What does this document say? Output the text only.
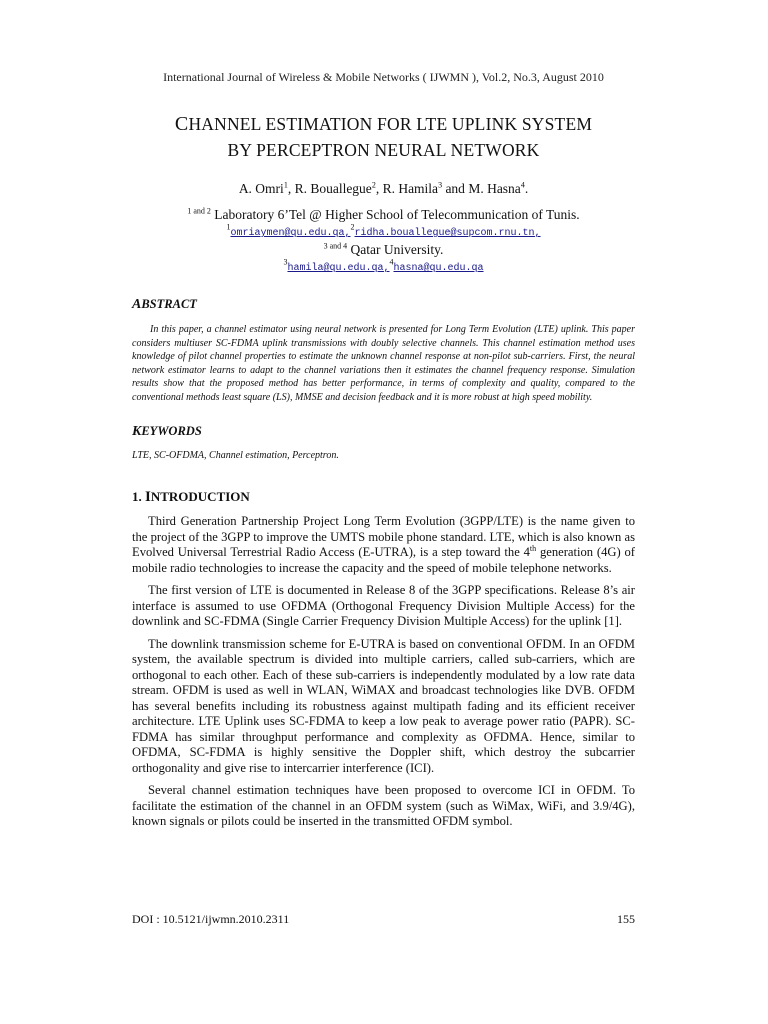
International Journal of Wireless & Mobile Networks ( IJWMN ), Vol.2, No.3, August 2010
CHANNEL ESTIMATION FOR LTE UPLINK SYSTEM
BY PERCEPTRON NEURAL NETWORK
A. Omri$^1$, R. Bouallegue$^2$, R. Hamila$^3$ and M. Hasna$^4$.
$^{1 and 2}$ Laboratory 6’Tel @ Higher School of Telecommunication of Tunis.
$^1$omriaymen@qu.edu.qa,$^2$ridha.bouallegue@supcom.rnu.tn,
$^{3 and 4}$ Qatar University.
$^3$hamila@qu.edu.qa,$^4$hasna@qu.edu.qa
ABSTRACT

In this paper, a channel estimator using neural network is presented for Long Term Evolution (LTE) uplink. This paper considers multiuser SC-FDMA uplink transmissions with doubly selective channels. This channel estimation method uses knowledge of pilot channel properties to estimate the unknown channel response at non-pilot sub-carriers. First, the neural network estimator learns to adapt to the channel variations then it estimates the channel frequency response. Simulation results show that the proposed method has better performance, in terms of complexity and quality, compared to the conventional methods least square (LS), MMSE and decision feedback and it is more robust at high speed mobility.

KEYWORDS

LTE, SC-OFDMA, Channel estimation, Perceptron.

1. INTRODUCTION

Third Generation Partnership Project Long Term Evolution (3GPP/LTE) is the name given to the project of the 3GPP to improve the UMTS mobile phone standard. LTE, which is also known as Evolved Universal Terrestrial Radio Access (E-UTRA), is a step toward the 4th generation (4G) of mobile radio technologies to increase the capacity and the speed of mobile telephone networks.

The first version of LTE is documented in Release 8 of the 3GPP specifications. Release 8’s air interface is assumed to use OFDMA (Orthogonal Frequency Division Multiple Access) for the downlink and SC-FDMA (Single Carrier Frequency Division Multiple Access) for the uplink [1].

The downlink transmission scheme for E-UTRA is based on conventional OFDM. In an OFDM system, the available spectrum is divided into multiple carriers, called sub-carriers, which are orthogonal to each other. Each of these sub-carriers is independently modulated by a low rate data stream. OFDM is used as well in WLAN, WiMAX and broadcast technologies like DVB. OFDM has several benefits including its robustness against multipath fading and its efficient receiver architecture. LTE Uplink uses SC-FDMA to keep a low peak to average power ratio (PAPR). SC-FDMA has similar throughput performance and complexity as OFDMA. Hence, similar to OFDMA, SC-FDMA is highly sensitive the Doppler shift, which destroy the subcarrier orthogonality and give rise to intercarrier interference (ICI).

Several channel estimation techniques have been proposed to overcome ICI in OFDM. To facilitate the estimation of the channel in an OFDM system (such as WiMax, WiFi, and 3.9/4G), known signals or pilots could be inserted in the transmitted OFDM symbol.

DOI : 10.5121/ijwmn.2010.2311	155
